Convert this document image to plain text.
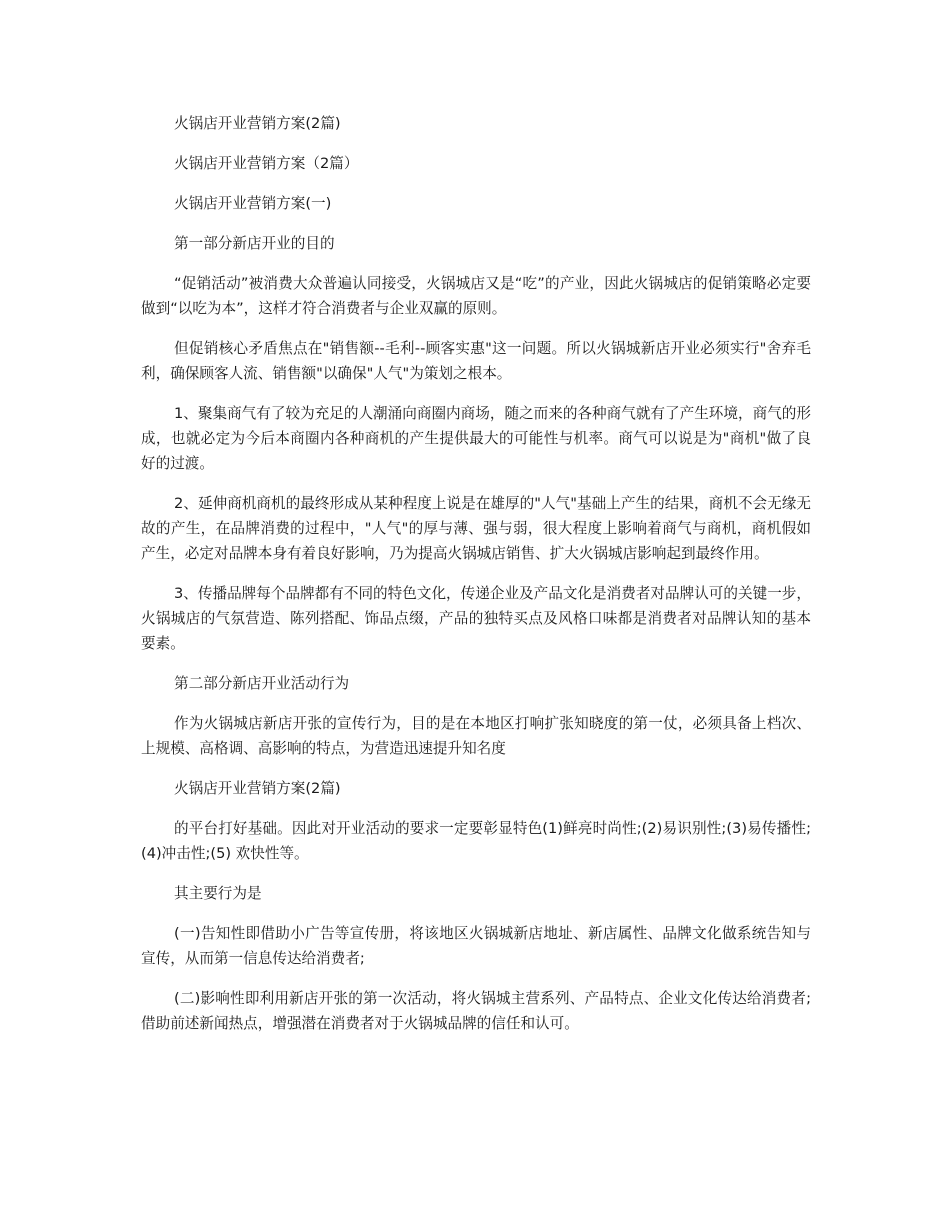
火锅店开业营销方案(2篇)

火锅店开业营销方案（2篇）

火锅店开业营销方案(一)

第一部分新店开业的目的

“促销活动”被消费大众普遍认同接受，火锅城店又是“吃”的产业，因此火锅城店的促销策略必定要做到“以吃为本”，这样才符合消费者与企业双赢的原则。

但促销核心矛盾焦点在"销售额--毛利--顾客实惠"这一问题。所以火锅城新店开业必须实行"舍弃毛利，确保顾客人流、销售额"以确保"人气"为策划之根本。

1、聚集商气有了较为充足的人潮涌向商圈内商场，随之而来的各种商气就有了产生环境，商气的形成，也就必定为今后本商圈内各种商机的产生提供最大的可能性与机率。商气可以说是为"商机"做了良好的过渡。

2、延伸商机商机的最终形成从某种程度上说是在雄厚的"人气"基础上产生的结果，商机不会无缘无故的产生，在品牌消费的过程中，"人气"的厚与薄、强与弱，很大程度上影响着商气与商机，商机假如产生，必定对品牌本身有着良好影响，乃为提高火锅城店销售、扩大火锅城店影响起到最终作用。

3、传播品牌每个品牌都有不同的特色文化，传递企业及产品文化是消费者对品牌认可的关键一步，火锅城店的气氛营造、陈列搭配、饰品点缀，产品的独特买点及风格口味都是消费者对品牌认知的基本要素。

第二部分新店开业活动行为

作为火锅城店新店开张的宣传行为，目的是在本地区打响扩张知晓度的第一仗，必须具备上档次、上规模、高格调、高影响的特点，为营造迅速提升知名度

火锅店开业营销方案(2篇)

的平台打好基础。因此对开业活动的要求一定要彰显特色(1)鲜亮时尚性;(2)易识别性;(3)易传播性;(4)冲击性;(5) 欢快性等。

其主要行为是

(一)告知性即借助小广告等宣传册，将该地区火锅城新店地址、新店属性、品牌文化做系统告知与宣传，从而第一信息传达给消费者;

(二)影响性即利用新店开张的第一次活动，将火锅城主营系列、产品特点、企业文化传达给消费者;借助前述新闻热点，增强潜在消费者对于火锅城品牌的信任和认可。
